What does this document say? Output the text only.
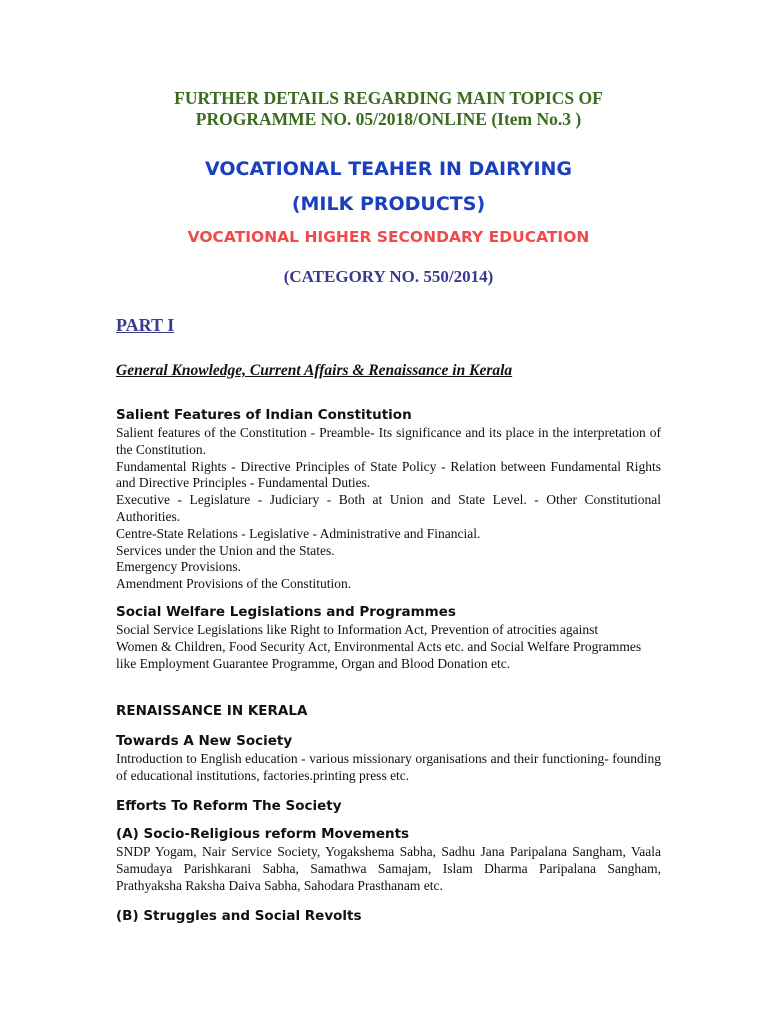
FURTHER DETAILS REGARDING MAIN TOPICS OF

PROGRAMME NO. 05/2018/ONLINE (Item No.3 )

VOCATIONAL TEAHER IN DAIRYING

(MILK PRODUCTS)

VOCATIONAL HIGHER SECONDARY EDUCATION

(CATEGORY NO. 550/2014)

PART I

General Knowledge, Current Affairs & Renaissance in Kerala

Salient Features of Indian Constitution

Salient features of the Constitution - Preamble- Its significance and its place in the interpretation of the Constitution.

Fundamental Rights - Directive Principles of State Policy - Relation between Fundamental Rights and Directive Principles - Fundamental Duties.

Executive - Legislature - Judiciary - Both at Union and State Level. - Other Constitutional Authorities.

Centre-State Relations - Legislative - Administrative and Financial.

Services under the Union and the States.

Emergency Provisions.

Amendment Provisions of the Constitution.

Social Welfare Legislations and Programmes

Social Service Legislations like Right to Information Act, Prevention of atrocities against

Women & Children, Food Security Act, Environmental Acts etc. and Social Welfare Programmes like Employment Guarantee Programme, Organ and Blood Donation etc.

RENAISSANCE IN KERALA

Towards A New Society

Introduction to English education - various missionary organisations and their functioning- founding of educational institutions, factories.printing press etc.

Efforts To Reform The Society

(A) Socio-Religious reform Movements

SNDP Yogam, Nair Service Society, Yogakshema Sabha, Sadhu Jana Paripalana Sangham, Vaala Samudaya Parishkarani Sabha, Samathwa Samajam, Islam Dharma Paripalana Sangham, Prathyaksha Raksha Daiva Sabha, Sahodara Prasthanam etc.

(B) Struggles and Social Revolts
